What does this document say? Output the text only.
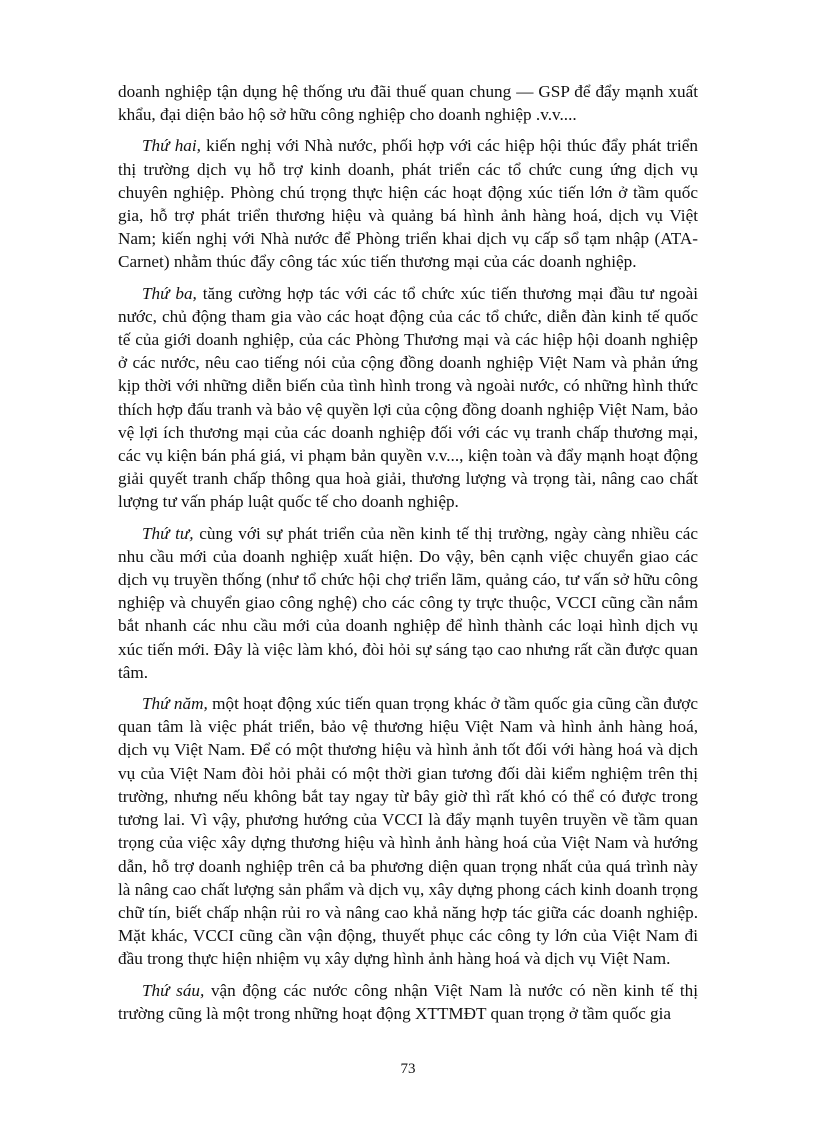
doanh nghiệp tận dụng hệ thống ưu đãi thuế quan chung — GSP để đẩy mạnh xuất khẩu, đại diện bảo hộ sở hữu công nghiệp cho doanh nghiệp .v.v....

Thứ hai, kiến nghị với Nhà nước, phối hợp với các hiệp hội thúc đẩy phát triển thị trường dịch vụ hỗ trợ kinh doanh, phát triển các tổ chức cung ứng dịch vụ chuyên nghiệp. Phòng chú trọng thực hiện các hoạt động xúc tiến lớn ở tầm quốc gia, hỗ trợ phát triển thương hiệu và quảng bá hình ảnh hàng hoá, dịch vụ Việt Nam; kiến nghị với Nhà nước để Phòng triển khai dịch vụ cấp sổ tạm nhập (ATA-Carnet) nhằm thúc đẩy công tác xúc tiến thương mại của các doanh nghiệp.

Thứ ba, tăng cường hợp tác với các tổ chức xúc tiến thương mại đầu tư ngoài nước, chủ động tham gia vào các hoạt động của các tổ chức, diễn đàn kinh tế quốc tế của giới doanh nghiệp, của các Phòng Thương mại và các hiệp hội doanh nghiệp ở các nước, nêu cao tiếng nói của cộng đồng doanh nghiệp Việt Nam và phản ứng kịp thời với những diễn biến của tình hình trong và ngoài nước, có những hình thức thích hợp đấu tranh và bảo vệ quyền lợi của cộng đồng doanh nghiệp Việt Nam, bảo vệ lợi ích thương mại của các doanh nghiệp đối với các vụ tranh chấp thương mại, các vụ kiện bán phá giá, vi phạm bản quyền v.v..., kiện toàn và đẩy mạnh hoạt động giải quyết tranh chấp thông qua hoà giải, thương lượng và trọng tài, nâng cao chất lượng tư vấn pháp luật quốc tế cho doanh nghiệp.

Thứ tư, cùng với sự phát triển của nền kinh tế thị trường, ngày càng nhiều các nhu cầu mới của doanh nghiệp xuất hiện. Do vậy, bên cạnh việc chuyển giao các dịch vụ truyền thống (như tổ chức hội chợ triển lãm, quảng cáo, tư vấn sở hữu công nghiệp và chuyển giao công nghệ) cho các công ty trực thuộc, VCCI cũng cần nắm bắt nhanh các nhu cầu mới của doanh nghiệp để hình thành các loại hình dịch vụ xúc tiến mới. Đây là việc làm khó, đòi hỏi sự sáng tạo cao nhưng rất cần được quan tâm.

Thứ năm, một hoạt động xúc tiến quan trọng khác ở tầm quốc gia cũng cần được quan tâm là việc phát triển, bảo vệ thương hiệu Việt Nam và hình ảnh hàng hoá, dịch vụ Việt Nam. Để có một thương hiệu và hình ảnh tốt đối với hàng hoá và dịch vụ của Việt Nam đòi hỏi phải có một thời gian tương đối dài kiểm nghiệm trên thị trường, nhưng nếu không bắt tay ngay từ bây giờ thì rất khó có thể có được trong tương lai. Vì vậy, phương hướng của VCCI là đẩy mạnh tuyên truyền về tầm quan trọng của việc xây dựng thương hiệu và hình ảnh hàng hoá của Việt Nam và hướng dẫn, hỗ trợ doanh nghiệp trên cả ba phương diện quan trọng nhất của quá trình này là nâng cao chất lượng sản phẩm và dịch vụ, xây dựng phong cách kinh doanh trọng chữ tín, biết chấp nhận rủi ro và nâng cao khả năng hợp tác giữa các doanh nghiệp. Mặt khác, VCCI cũng cần vận động, thuyết phục các công ty lớn của Việt Nam đi đầu trong thực hiện nhiệm vụ xây dựng hình ảnh hàng hoá và dịch vụ Việt Nam.

Thứ sáu, vận động các nước công nhận Việt Nam là nước có nền kinh tế thị trường cũng là một trong những hoạt động XTTMĐT quan trọng ở tầm quốc gia

73
